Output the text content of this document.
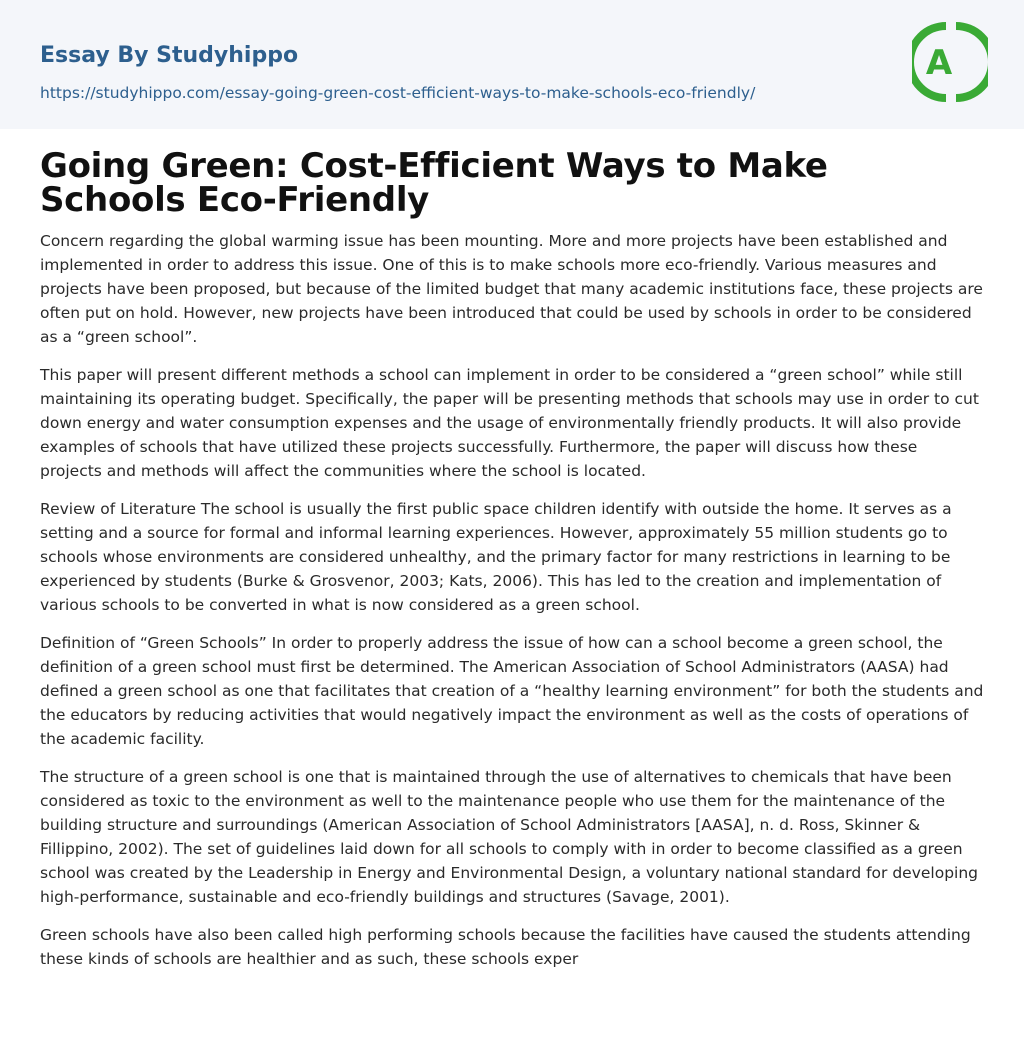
Essay By Studyhippo
https://studyhippo.com/essay-going-green-cost-efficient-ways-to-make-schools-eco-friendly/
A
Going Green: Cost-Efficient Ways to Make Schools Eco-Friendly

Concern regarding the global warming issue has been mounting. More and more projects have been established and implemented in order to address this issue. One of this is to make schools more eco-friendly. Various measures and projects have been proposed, but because of the limited budget that many academic institutions face, these projects are often put on hold. However, new projects have been introduced that could be used by schools in order to be considered as a “green school”.

This paper will present different methods a school can implement in order to be considered a “green school” while still maintaining its operating budget. Specifically, the paper will be presenting methods that schools may use in order to cut down energy and water consumption expenses and the usage of environmentally friendly products. It will also provide examples of schools that have utilized these projects successfully. Furthermore, the paper will discuss how these projects and methods will affect the communities where the school is located.

Review of Literature The school is usually the first public space children identify with outside the home. It serves as a setting and a source for formal and informal learning experiences. However, approximately 55 million students go to schools whose environments are considered unhealthy, and the primary factor for many restrictions in learning to be experienced by students (Burke & Grosvenor, 2003; Kats, 2006). This has led to the creation and implementation of various schools to be converted in what is now considered as a green school.

Definition of “Green Schools” In order to properly address the issue of how can a school become a green school, the definition of a green school must first be determined. The American Association of School Administrators (AASA) had defined a green school as one that facilitates that creation of a “healthy learning environment” for both the students and the educators by reducing activities that would negatively impact the environment as well as the costs of operations of the academic facility.

The structure of a green school is one that is maintained through the use of alternatives to chemicals that have been considered as toxic to the environment as well to the maintenance people who use them for the maintenance of the building structure and surroundings (American Association of School Administrators [AASA], n. d. Ross, Skinner & Fillippino, 2002). The set of guidelines laid down for all schools to comply with in order to become classified as a green school was created by the Leadership in Energy and Environmental Design, a voluntary national standard for developing high-performance, sustainable and eco-friendly buildings and structures (Savage, 2001).

Green schools have also been called high performing schools because the facilities have caused the students attending these kinds of schools are healthier and as such, these schools exper
